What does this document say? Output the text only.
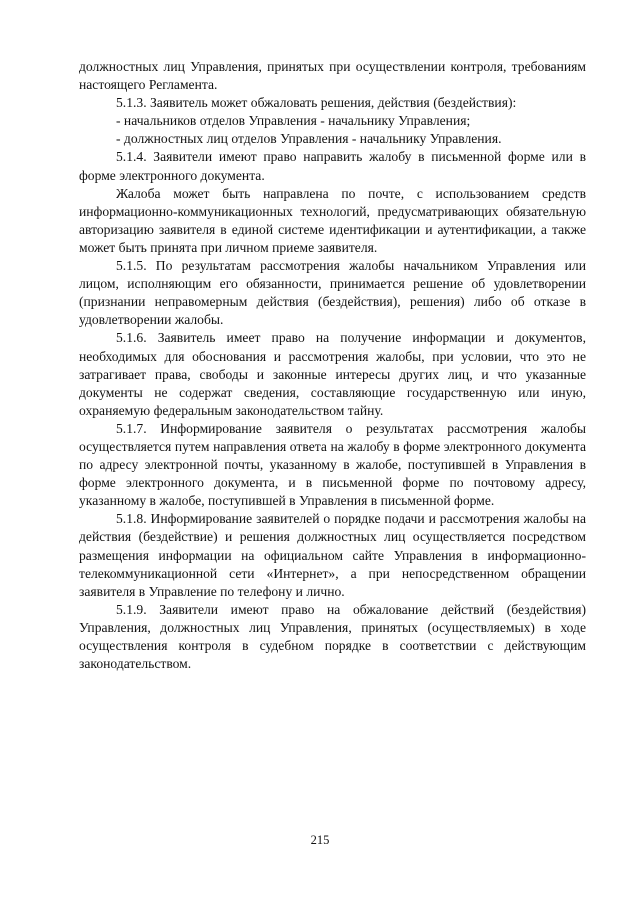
должностных лиц Управления, принятых при осуществлении контроля, требованиям настоящего Регламента.

5.1.3. Заявитель может обжаловать решения, действия (бездействия):

- начальников отделов Управления - начальнику Управления;

- должностных лиц отделов Управления - начальнику Управления.

5.1.4. Заявители имеют право направить жалобу в письменной форме или в форме электронного документа.

Жалоба может быть направлена по почте, с использованием средств информационно-коммуникационных технологий, предусматривающих обязательную авторизацию заявителя в единой системе идентификации и аутентификации, а также может быть принята при личном приеме заявителя.

5.1.5. По результатам рассмотрения жалобы начальником Управления или лицом, исполняющим его обязанности, принимается решение об удовлетворении (признании неправомерным действия (бездействия), решения) либо об отказе в удовлетворении жалобы.

5.1.6. Заявитель имеет право на получение информации и документов, необходимых для обоснования и рассмотрения жалобы, при условии, что это не затрагивает права, свободы и законные интересы других лиц, и что указанные документы не содержат сведения, составляющие государственную или иную, охраняемую федеральным законодательством тайну.

5.1.7. Информирование заявителя о результатах рассмотрения жалобы осуществляется путем направления ответа на жалобу в форме электронного документа по адресу электронной почты, указанному в жалобе, поступившей в Управления в форме электронного документа, и в письменной форме по почтовому адресу, указанному в жалобе, поступившей в Управления в письменной форме.

5.1.8. Информирование заявителей о порядке подачи и рассмотрения жалобы на действия (бездействие) и решения должностных лиц осуществляется посредством размещения информации на официальном сайте Управления в информационно-телекоммуникационной сети «Интернет», а при непосредственном обращении заявителя в Управление по телефону и лично.

5.1.9. Заявители имеют право на обжалование действий (бездействия) Управления, должностных лиц Управления, принятых (осуществляемых) в ходе осуществления контроля в судебном порядке в соответствии с действующим законодательством.

215
